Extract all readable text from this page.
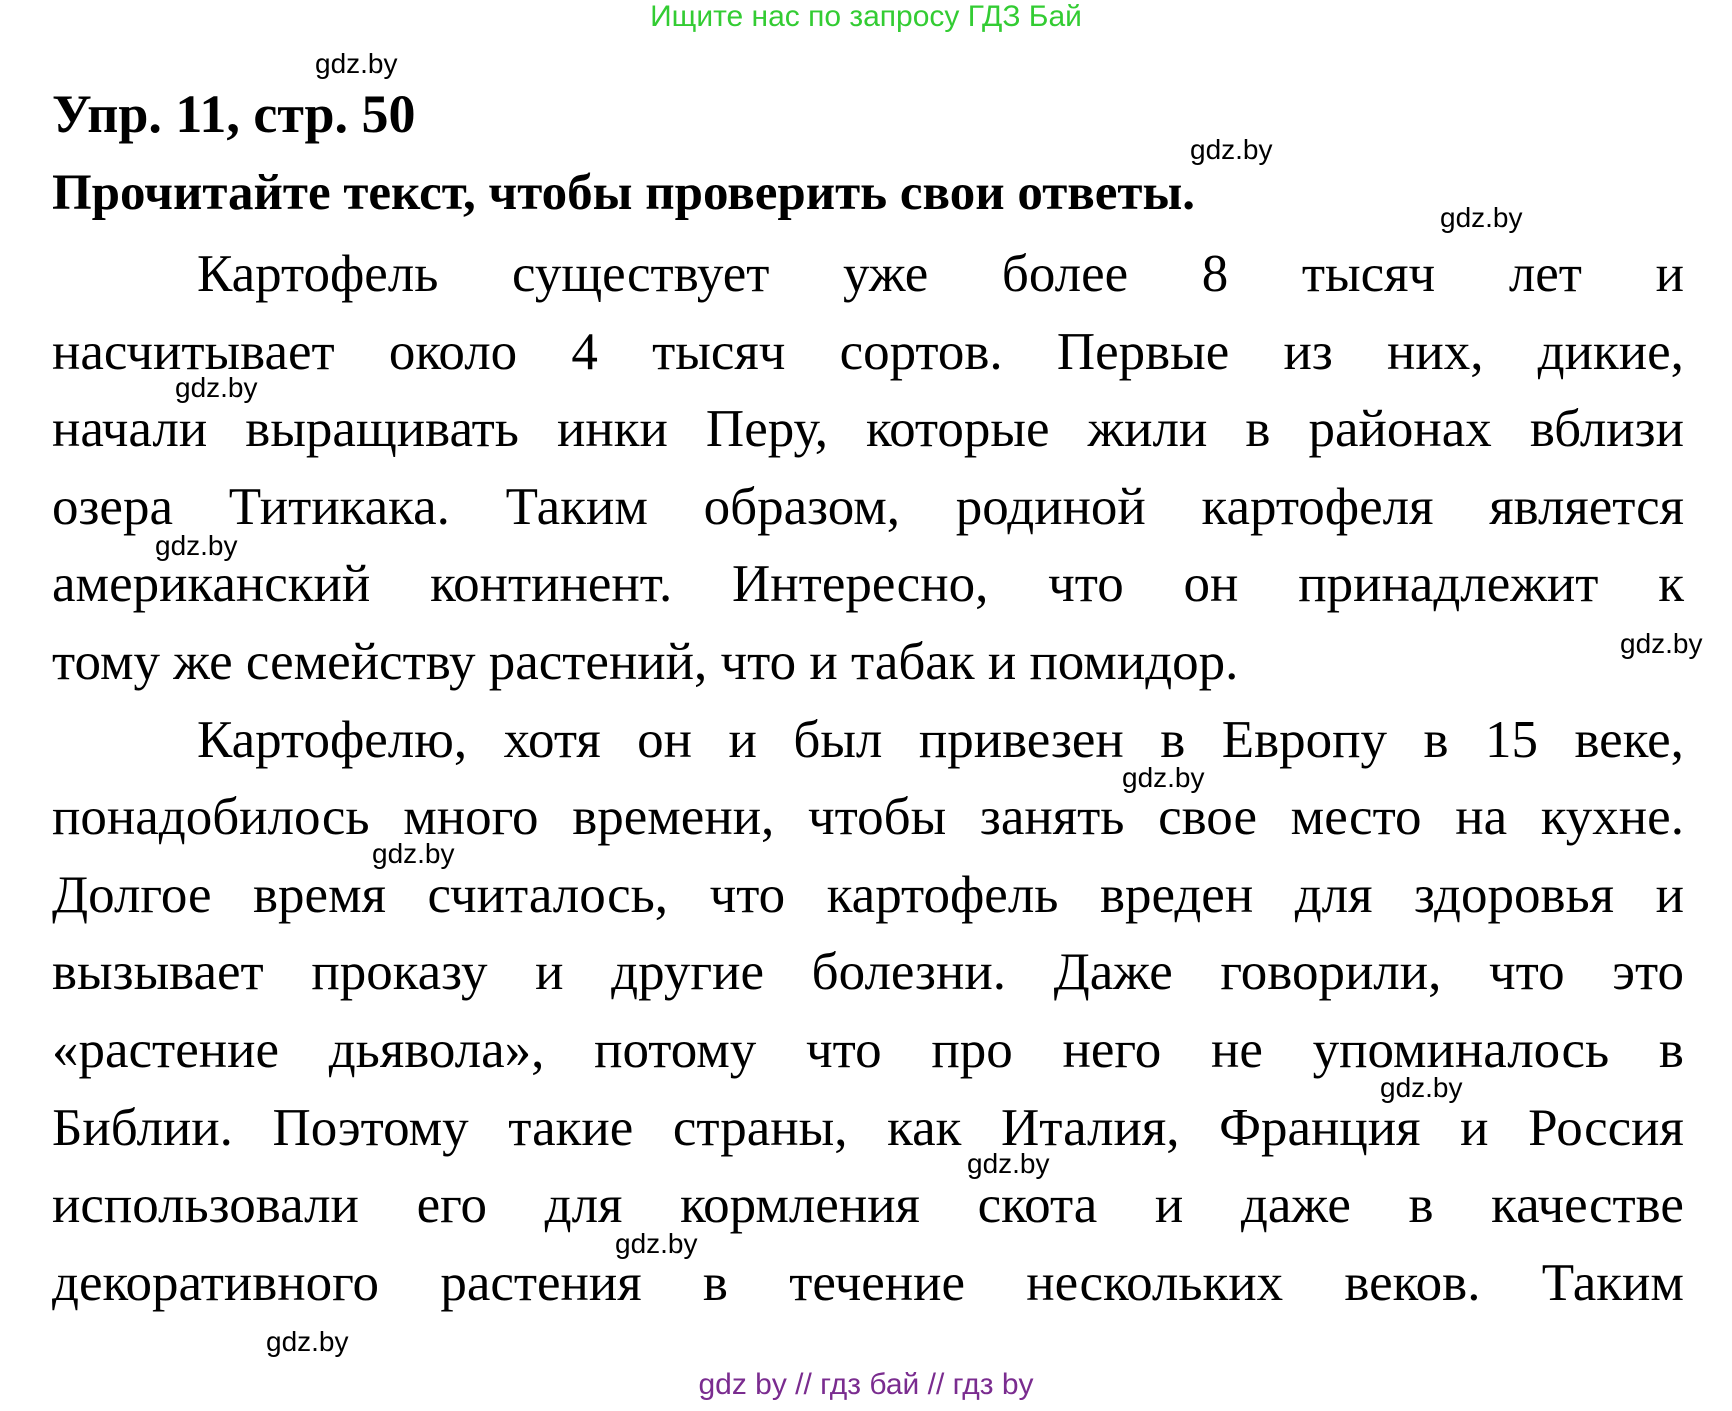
Ищите нас по запросу ГДЗ Бай
Упр. 11, стр. 50
Прочитайте текст, чтобы проверить свои ответы.
Картофель существует уже более 8 тысяч лет и
насчитывает около 4 тысяч сортов. Первые из них, дикие,
начали выращивать инки Перу, которые жили в районах вблизи
озера Титикака. Таким образом, родиной картофеля является
американский континент. Интересно, что он принадлежит к
тому же семейству растений, что и табак и помидор.
Картофелю, хотя он и был привезен в Европу в 15 веке,
понадобилось много времени, чтобы занять свое место на кухне.
Долгое время считалось, что картофель вреден для здоровья и
вызывает проказу и другие болезни. Даже говорили, что это
«растение дьявола», потому что про него не упоминалось в
Библии. Поэтому такие страны, как Италия, Франция и Россия
использовали его для кормления скота и даже в качестве
декоративного растения в течение нескольких веков. Таким
gdz.by
gdz.by
gdz.by
gdz.by
gdz.by
gdz.by
gdz.by
gdz.by
gdz.by
gdz.by
gdz.by
gdz.by
gdz by // гдз бай // гдз by
